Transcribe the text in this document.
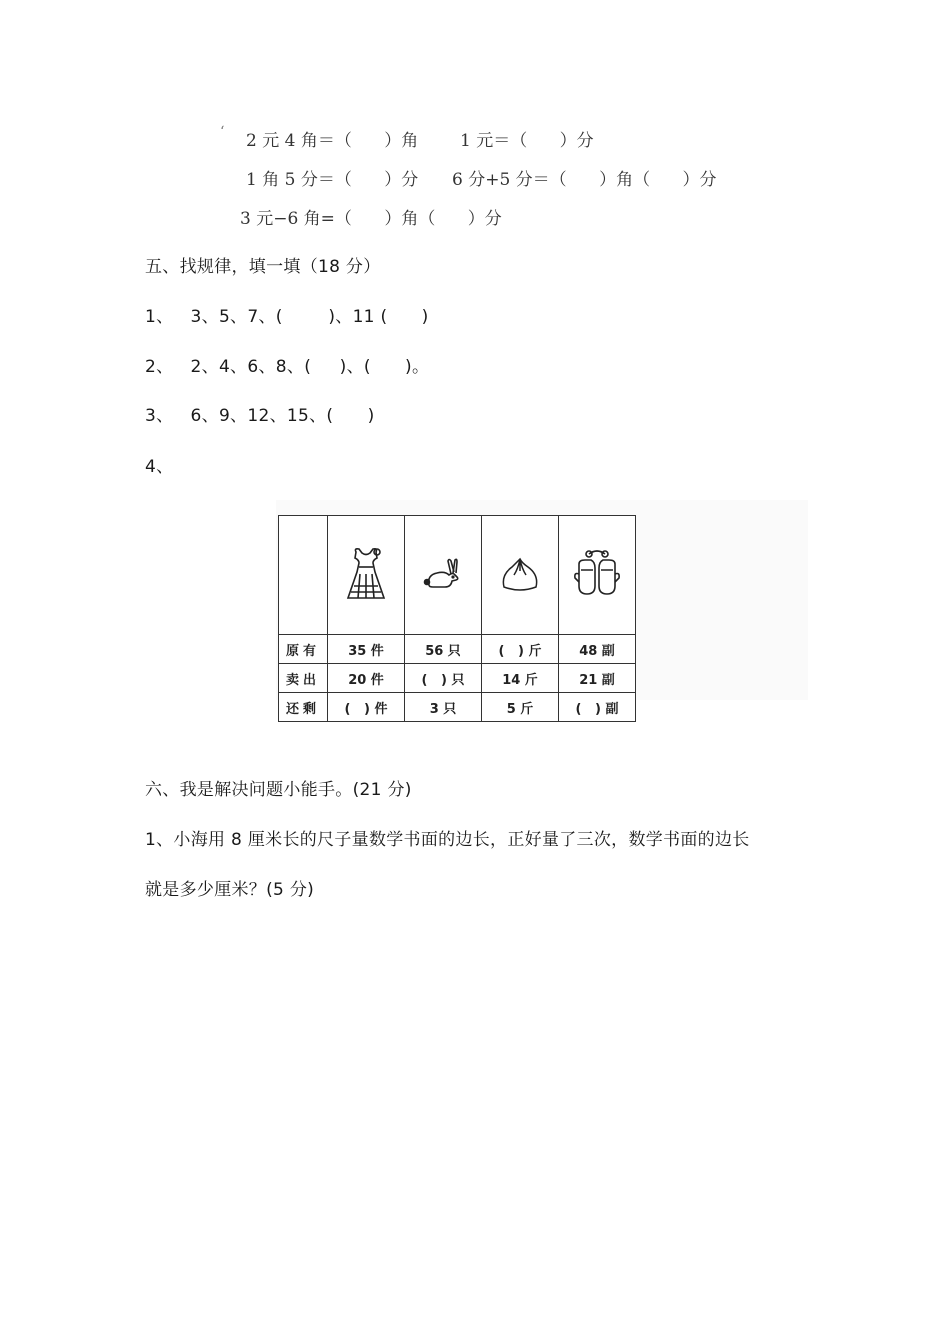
ʻ 2 元 4 角＝（      ）角 1 元＝（      ）分
1 角 5 分＝（      ）分 6 分+5 分＝（      ）角（      ）分
3 元−6 角=（      ）角（      ）分
五、找规律，填一填（18 分）
1、   3、5、7、(        )、11 (      )
2、   2、4、6、8、(     )、(      )。
3、   6、9、12、15、(      )
4、

原有	35 件	56 只	(   ) 斤	48 副
卖出	20 件	(   ) 只	14 斤	21 副
还剩	(   ) 件	3 只	5 斤	(   ) 副
六、我是解决问题小能手。(21 分)
1、小海用 8 厘米长的尺子量数学书面的边长，正好量了三次，数学书面的边长
就是多少厘米？(5 分)
